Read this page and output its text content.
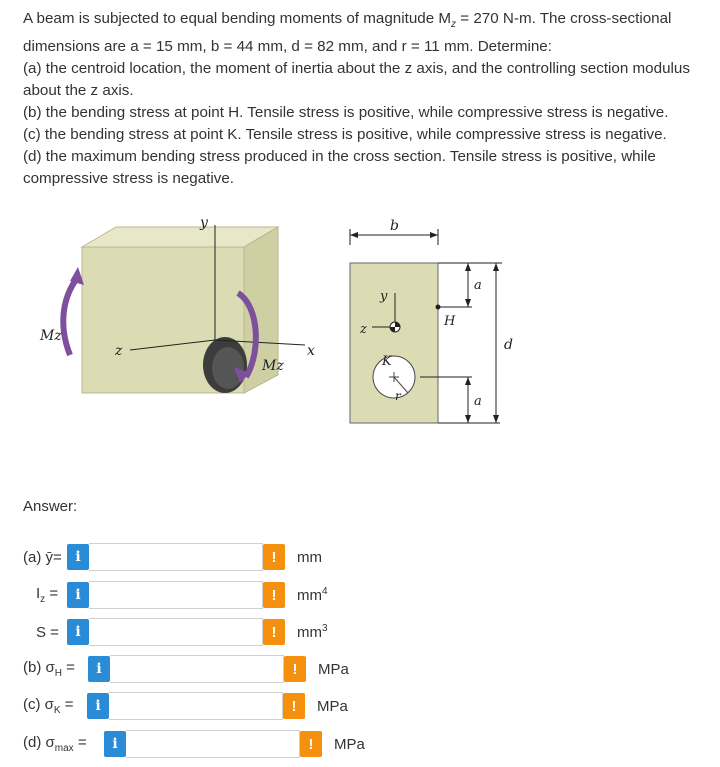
A beam is subjected to equal bending moments of magnitude $M_z = 270$ N-m. The cross-sectional dimensions are a = 15 mm, b = 44 mm, d = 82 mm, and r = 11 mm. Determine:

(a) the centroid location, the moment of inertia about the z axis, and the controlling section modulus about the z axis.

(b) the bending stress at point H. Tensile stress is positive, while compressive stress is negative.

(c) the bending stress at point K. Tensile stress is positive, while compressive stress is negative.

(d) the maximum bending stress produced in the cross section. Tensile stress is positive, while compressive stress is negative.

y
z	x
Mz
Mz
y
z
H
K
r
b
a
a
d
Answer:
(a) ȳ= i	!	mm
$I_z$ =	i	!	$mm^4$
S =	i	!	$mm^3$
(b) $\sigma_H$ =	i	!	MPa
(c) $\sigma_K$ =	i	!	MPa
(d) $\sigma_{max}$ =	i	!	MPa
